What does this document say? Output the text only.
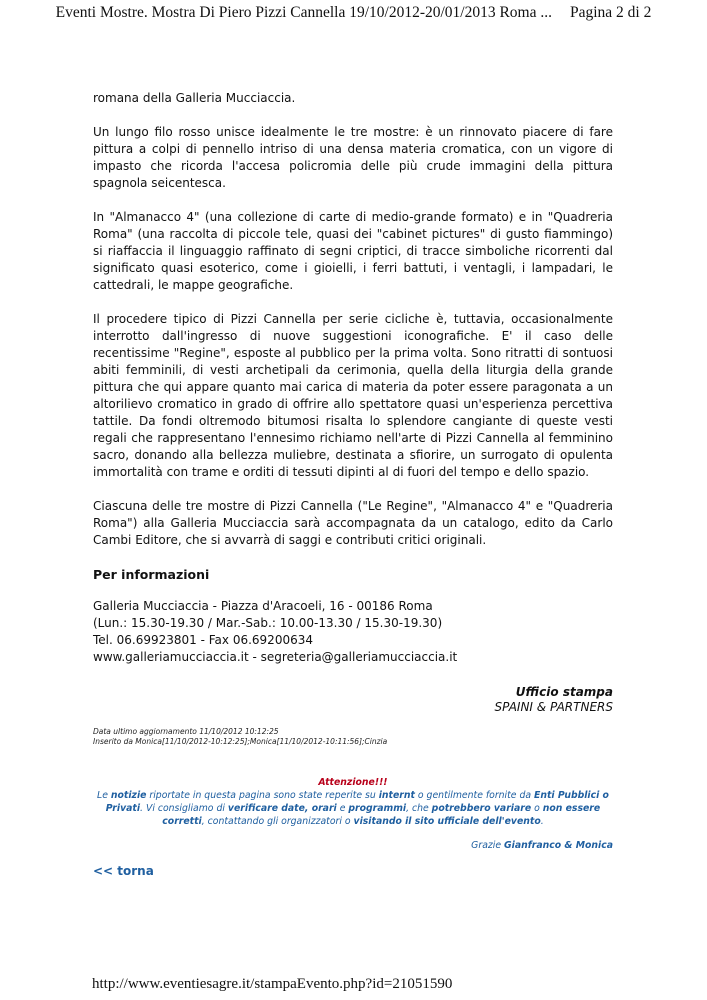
Eventi Mostre. Mostra Di Piero Pizzi Cannella 19/10/2012-20/01/2013 Roma ... Pagina 2 di 2

romana della Galleria Mucciaccia.

Un lungo filo rosso unisce idealmente le tre mostre: è un rinnovato piacere di fare pittura a colpi di pennello intriso di una densa materia cromatica, con un vigore di impasto che ricorda l'accesa policromia delle più crude immagini della pittura spagnola seicentesca.

In "Almanacco 4" (una collezione di carte di medio-grande formato) e in "Quadreria Roma" (una raccolta di piccole tele, quasi dei "cabinet pictures" di gusto fiammingo) si riaffaccia il linguaggio raffinato di segni criptici, di tracce simboliche ricorrenti dal significato quasi esoterico, come i gioielli, i ferri battuti, i ventagli, i lampadari, le cattedrali, le mappe geografiche.

Il procedere tipico di Pizzi Cannella per serie cicliche è, tuttavia, occasionalmente interrotto dall'ingresso di nuove suggestioni iconografiche. E' il caso delle recentissime "Regine", esposte al pubblico per la prima volta. Sono ritratti di sontuosi abiti femminili, di vesti archetipali da cerimonia, quella della liturgia della grande pittura che qui appare quanto mai carica di materia da poter essere paragonata a un altorilievo cromatico in grado di offrire allo spettatore quasi un'esperienza percettiva tattile. Da fondi oltremodo bitumosi risalta lo splendore cangiante di queste vesti regali che rappresentano l'ennesimo richiamo nell'arte di Pizzi Cannella al femminino sacro, donando alla bellezza muliebre, destinata a sfiorire, un surrogato di opulenta immortalità con trame e orditi di tessuti dipinti al di fuori del tempo e dello spazio.

Ciascuna delle tre mostre di Pizzi Cannella ("Le Regine", "Almanacco 4" e "Quadreria Roma") alla Galleria Mucciaccia sarà accompagnata da un catalogo, edito da Carlo Cambi Editore, che si avvarrà di saggi e contributi critici originali.

Per informazioni
Galleria Mucciaccia - Piazza d'Aracoeli, 16 - 00186 Roma
(Lun.: 15.30-19.30 / Mar.-Sab.: 10.00-13.30 / 15.30-19.30)
Tel. 06.69923801 - Fax 06.69200634
www.galleriamucciaccia.it - segreteria@galleriamucciaccia.it
Ufficio stampa
SPAINI & PARTNERS
Data ultimo aggiornamento 11/10/2012 10:12:25
Inserito da Monica[11/10/2012-10:12:25];Monica[11/10/2012-10:11:56];Cinzia
Attenzione!!!
Le notizie riportate in questa pagina sono state reperite su internt o gentilmente fornite da Enti Pubblici o Privati. Vi consigliamo di verificare date, orari e programmi, che potrebbero variare o non essere corretti, contattando gli organizzatori o visitando il sito ufficiale dell'evento.
Grazie Gianfranco & Monica
<< torna
http://www.eventiesagre.it/stampaEvento.php?id=21051590
